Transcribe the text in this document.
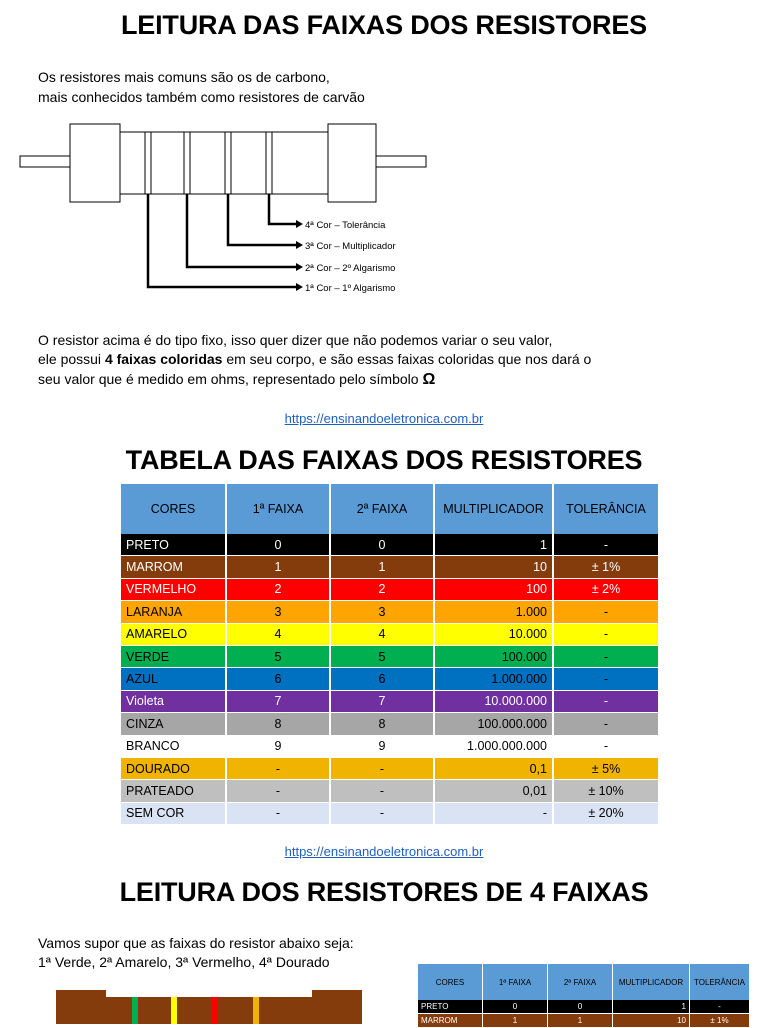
LEITURA DAS FAIXAS DOS RESISTORES
Os resistores mais comuns são os de carbono,
mais conhecidos também como resistores de carvão
4ª Cor – Tolerância
3ª Cor – Multiplicador
2ª Cor – 2º Algarismo
1ª Cor – 1º Algarismo
O resistor acima é do tipo fixo, isso quer dizer que não podemos variar o seu valor,
ele possui 4 faixas coloridas em seu corpo, e são essas faixas coloridas que nos dará o
seu valor que é medido em ohms, representado pelo símbolo Ω
https://ensinandoeletronica.com.br
TABELA DAS FAIXAS DOS RESISTORES
CORES	1ª FAIXA	2ª FAIXA	MULTIPLICADOR	TOLERÂNCIA
PRETO	0	0	1	-
MARROM	1	1	10	± 1%
VERMELHO	2	2	100	± 2%
LARANJA	3	3	1.000	-
AMARELO	4	4	10.000	-
VERDE	5	5	100.000	-
AZUL	6	6	1.000.000	-
Violeta	7	7	10.000.000	-
CINZA	8	8	100.000.000	-
BRANCO	9	9	1.000.000.000	-
DOURADO	-	-	0,1	± 5%
PRATEADO	-	-	0,01	± 10%
SEM COR	-	-	-	± 20%
https://ensinandoeletronica.com.br
LEITURA DOS RESISTORES DE 4 FAIXAS
Vamos supor que as faixas do resistor abaixo seja:
1ª Verde, 2ª Amarelo, 3ª Vermelho, 4ª Dourado
CORES	1ª FAIXA	2ª FAIXA	MULTIPLICADOR	TOLERÂNCIA
PRETO	0	0	1	-
MARROM	1	1	10	± 1%
